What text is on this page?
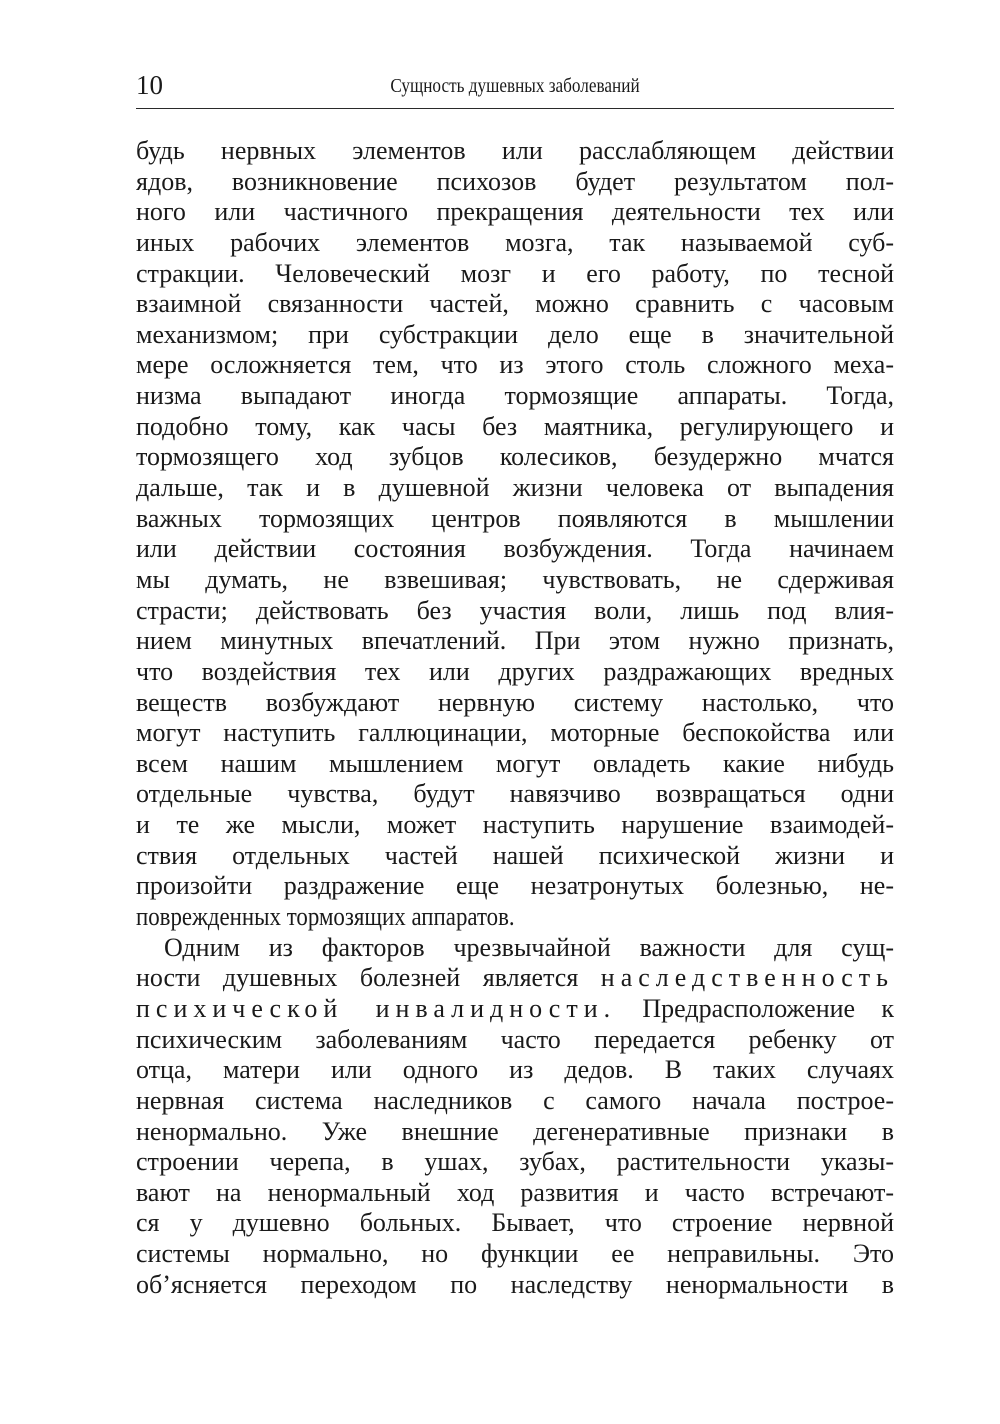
10	Сущность душевных заболеваний
будь нервных элементов или расслабляющем действии
ядов, возникновение психозов будет результатом пол-
ного или частичного прекращения деятельности тех или
иных рабочих элементов мозга, так называемой суб-
стракции. Человеческий мозг и его работу, по тесной
взаимной связанности частей, можно сравнить с часовым
механизмом; при субстракции дело еще в значительной
мере осложняется тем, что из этого столь сложного меха-
низма выпадают иногда тормозящие аппараты. Тогда,
подобно тому, как часы без маятника, регулирующего и
тормозящего ход зубцов колесиков, безудержно мчатся
дальше, так и в душевной жизни человека от выпадения
важных тормозящих центров появляются в мышлении
или действии состояния возбуждения. Тогда начинаем
мы думать, не взвешивая; чувствовать, не сдерживая
страсти; действовать без участия воли, лишь под влия-
нием минутных впечатлений. При этом нужно признать,
что воздействия тех или других раздражающих вредных
веществ возбуждают нервную систему настолько, что
могут наступить галлюцинации, моторные беспокойства или
всем нашим мышлением могут овладеть какие нибудь
отдельные чувства, будут навязчиво возвращаться одни
и те же мысли, может наступить нарушение взаимодей-
ствия отдельных частей нашей психической жизни и
произойти раздражение еще незатронутых болезнью, не-
поврежденных тормозящих аппаратов.
Одним из факторов чрезвычайной важности для сущ-
ности душевных болезней является наследственность
психической инвалидности. Предрасположение к
психическим заболеваниям часто передается ребенку от
отца, матери или одного из дедов. В таких случаях
нервная система наследников с самого начала построе-
ненормально. Уже внешние дегенеративные признаки в
строении черепа, в ушах, зубах, растительности указы-
вают на ненормальный ход развития и часто встречают-
ся у душевно больных. Бывает, что строение нервной
системы нормально, но функции ее неправильны. Это
об’ясняется переходом по наследству ненормальности в
